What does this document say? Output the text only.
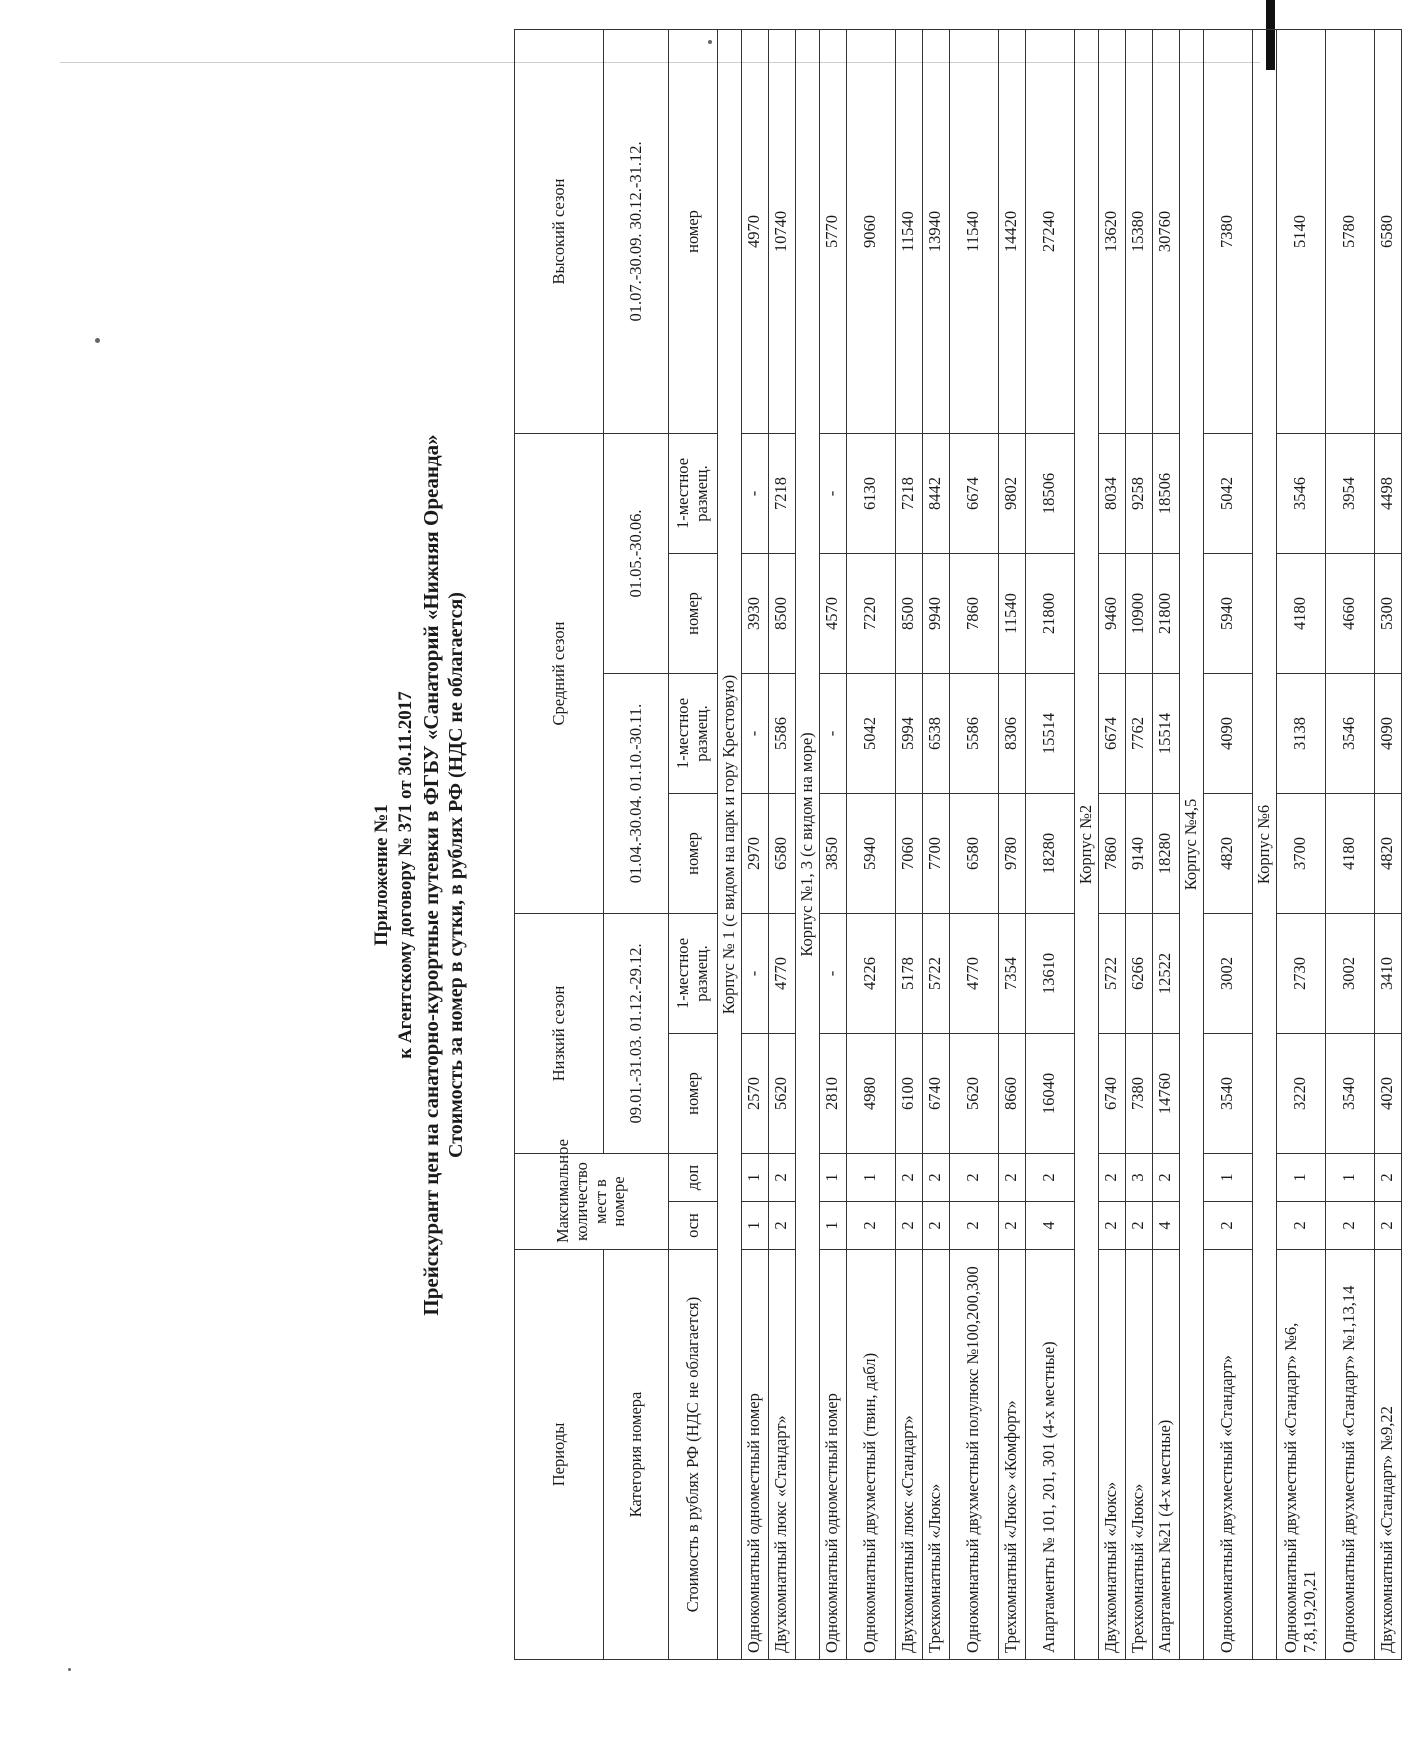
Приложение №1 к Агентскому договору № 371 от 30.11.2017 Прейскурант цен на санаторно-курортные путевки в ФГБУ «Санаторий «Нижняя Ореанда» Стоимость за номер в сутки, в рублях РФ (НДС не облагается)
Периоды	Максимальное количество мест в номере		Низкий сезон		Средний сезон				Высокий сезон
Категория номера			09.01.-31.03. 01.12.-29.12.		01.04.-30.04. 01.10.-30.11.		01.05.-30.06.		01.07.-30.09. 30.12.-31.12.
Стоимость в рублях РФ (НДС не облагается)	осн	доп	номер	1-местное размещ.	номер	1-местное размещ.	номер	1-местное размещ.	номер
Корпус № 1 (с видом на парк и гору Крестовую)									
Однокомнатный одноместный номер	1	1	2570	-	2970	-	3930	-	4970
Двухкомнатный люкс «Стандарт»	2	2	5620	4770	6580	5586	8500	7218	10740
Корпус №1, 3 (с видом на море)									
Однокомнатный одноместный номер	1	1	2810	-	3850	-	4570	-	5770
Однокомнатный двухместный (твин, дабл)	2	1	4980	4226	5940	5042	7220	6130	9060
Двухкомнатный люкс «Стандарт»	2	2	6100	5178	7060	5994	8500	7218	11540
Трехкомнатный «Люкс»	2	2	6740	5722	7700	6538	9940	8442	13940
Однокомнатный двухместный полулюкс №100,200,300	2	2	5620	4770	6580	5586	7860	6674	11540
Трехкомнатный «Люкс» «Комфорт»	2	2	8660	7354	9780	8306	11540	9802	14420
Апартаменты № 101, 201, 301 (4-х местные)	4	2	16040	13610	18280	15514	21800	18506	27240
Корпус №2									
Двухкомнатный «Люкс»	2	2	6740	5722	7860	6674	9460	8034	13620
Трехкомнатный «Люкс»	2	3	7380	6266	9140	7762	10900	9258	15380
Апартаменты №21 (4-х местные)	4	2	14760	12522	18280	15514	21800	18506	30760
Корпус №4,5									
Однокомнатный двухместный «Стандарт»	2	1	3540	3002	4820	4090	5940	5042	7380
Корпус №6									
Однокомнатный двухместный «Стандарт» №6, 7,8,19,20,21	2	1	3220	2730	3700	3138	4180	3546	5140
Однокомнатный двухместный «Стандарт» №1,13,14	2	1	3540	3002	4180	3546	4660	3954	5780
Двухкомнатный «Стандарт» №9,22	2	2	4020	3410	4820	4090	5300	4498	6580
